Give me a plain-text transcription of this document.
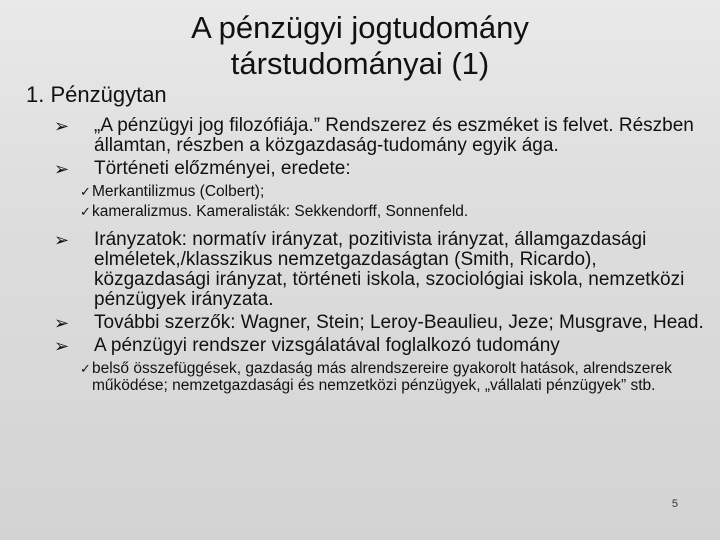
A pénzügyi jogtudomány
társtudományai (1)
1. Pénzügytan
➢ „A pénzügyi jog filozófiája.” Rendszerez és eszméket is felvet. Részben államtan, részben a közgazdaság-tudomány egyik ága.
➢ Történeti előzményei, eredete:
✓ Merkantilizmus (Colbert);
✓ kameralizmus. Kameralisták: Sekkendorff, Sonnenfeld.
➢ Irányzatok: normatív irányzat, pozitivista irányzat, államgazdasági elméletek,/klasszikus nemzetgazdaságtan (Smith, Ricardo), közgazdasági irányzat, történeti iskola, szociológiai iskola, nemzetközi pénzügyek irányzata.
➢ További szerzők: Wagner, Stein; Leroy-Beaulieu, Jeze; Musgrave, Head.
➢ A pénzügyi rendszer vizsgálatával foglalkozó tudomány
✓ belső összefüggések, gazdaság más alrendszereire gyakorolt hatások, alrendszerek működése; nemzetgazdasági és nemzetközi pénzügyek, „vállalati pénzügyek” stb.
5
